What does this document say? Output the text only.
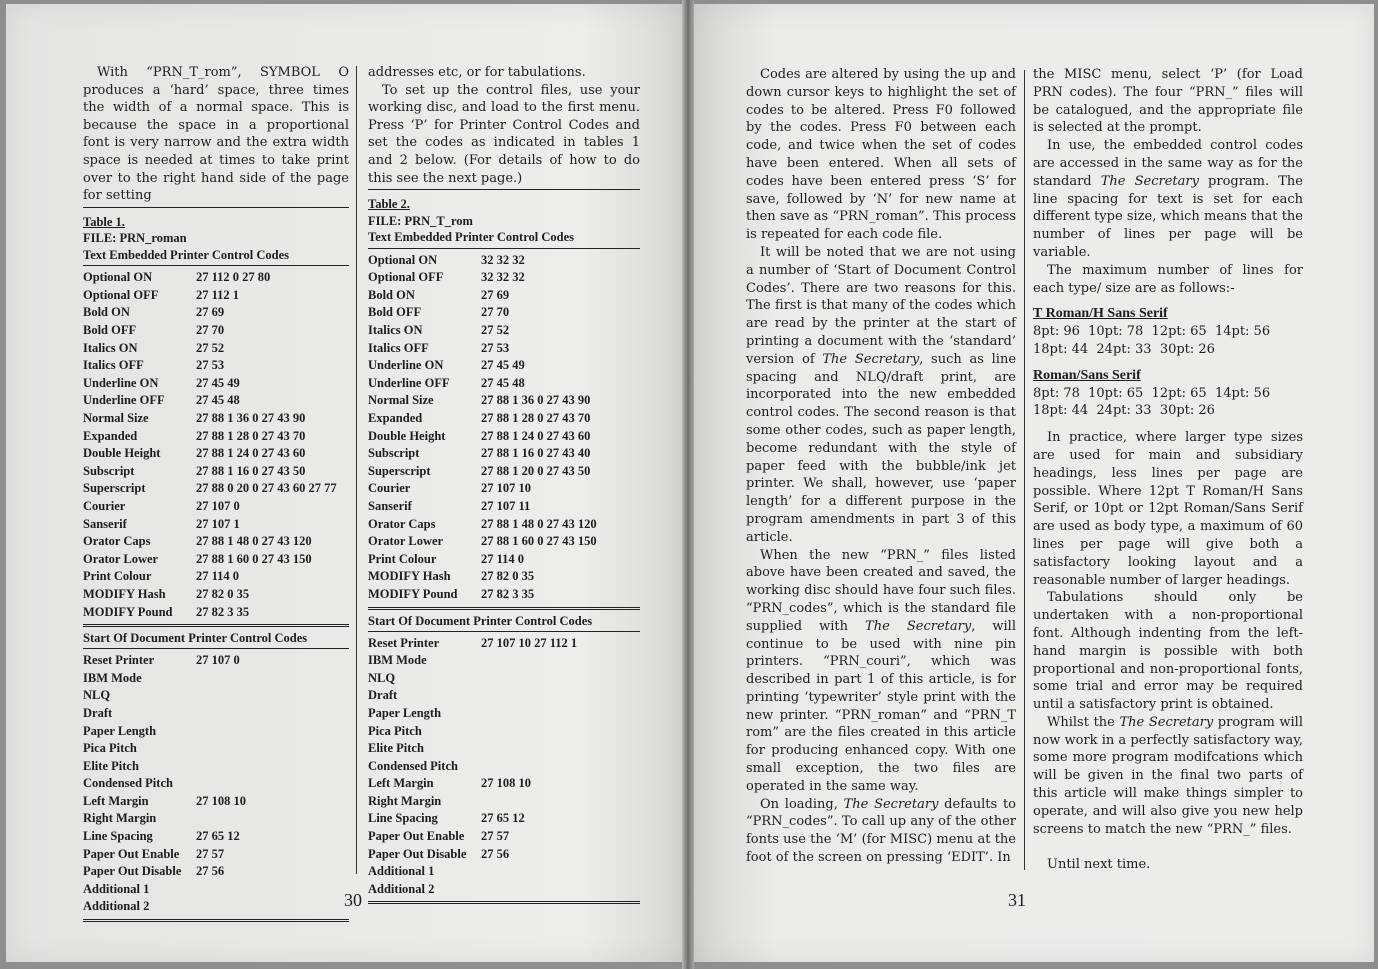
With “PRN_T_rom”, SYMBOL O produces a ‘hard’ space, three times the width of a normal space. This is because the space in a proportional font is very narrow and the extra width space is needed at times to take print over to the right hand side of the page for setting

Table 1.
FILE: PRN_roman
Text Embedded Printer Control Codes
Optional ON	27 112 0 27 80
Optional OFF	27 112 1
Bold ON	27 69
Bold OFF	27 70
Italics ON	27 52
Italics OFF	27 53
Underline ON	27 45 49
Underline OFF	27 45 48
Normal Size	27 88 1 36 0 27 43 90
Expanded	27 88 1 28 0 27 43 70
Double Height	27 88 1 24 0 27 43 60
Subscript	27 88 1 16 0 27 43 50
Superscript	27 88 0 20 0 27 43 60 27 77
Courier	27 107 0
Sanserif	27 107 1
Orator Caps	27 88 1 48 0 27 43 120
Orator Lower	27 88 1 60 0 27 43 150
Print Colour	27 114 0
MODIFY Hash	27 82 0 35
MODIFY Pound	27 82 3 35
Start Of Document Printer Control Codes
Reset Printer	27 107 0
IBM Mode	
NLQ	
Draft	
Paper Length	
Pica Pitch	
Elite Pitch	
Condensed Pitch	
Left Margin	27 108 10
Right Margin	
Line Spacing	27 65 12
Paper Out Enable	27 57
Paper Out Disable	27 56
Additional 1	
Additional 2	

addresses etc, or for tabulations.

To set up the control files, use your working disc, and load to the first menu. Press ‘P’ for Printer Control Codes and set the codes as indicated in tables 1 and 2 below. (For details of how to do this see the next page.)

Table 2.
FILE: PRN_T_rom
Text Embedded Printer Control Codes
Optional ON	32 32 32
Optional OFF	32 32 32
Bold ON	27 69
Bold OFF	27 70
Italics ON	27 52
Italics OFF	27 53
Underline ON	27 45 49
Underline OFF	27 45 48
Normal Size	27 88 1 36 0 27 43 90
Expanded	27 88 1 28 0 27 43 70
Double Height	27 88 1 24 0 27 43 60
Subscript	27 88 1 16 0 27 43 40
Superscript	27 88 1 20 0 27 43 50
Courier	27 107 10
Sanserif	27 107 11
Orator Caps	27 88 1 48 0 27 43 120
Orator Lower	27 88 1 60 0 27 43 150
Print Colour	27 114 0
MODIFY Hash	27 82 0 35
MODIFY Pound	27 82 3 35
Start Of Document Printer Control Codes
Reset Printer	27 107 10 27 112 1
IBM Mode	
NLQ	
Draft	
Paper Length	
Pica Pitch	
Elite Pitch	
Condensed Pitch	
Left Margin	27 108 10
Right Margin	
Line Spacing	27 65 12
Paper Out Enable	27 57
Paper Out Disable	27 56
Additional 1	
Additional 2	
30

Codes are altered by using the up and down cursor keys to highlight the set of codes to be altered. Press F0 followed by the codes. Press F0 between each code, and twice when the set of codes have been entered. When all sets of codes have been entered press ‘S’ for save, followed by ‘N’ for new name at then save as “PRN_roman”. This process is repeated for each code file.

It will be noted that we are not using a number of ‘Start of Document Control Codes’. There are two reasons for this. The first is that many of the codes which are read by the printer at the start of printing a document with the ‘standard’ version of The Secretary, such as line spacing and NLQ/draft print, are incorporated into the new embedded control codes. The second reason is that some other codes, such as paper length, become redundant with the style of paper feed with the bubble/ink jet printer. We shall, however, use ‘paper length’ for a different purpose in the program amendments in part 3 of this article.

When the new “PRN_” files listed above have been created and saved, the working disc should have four such files. “PRN_codes”, which is the standard file supplied with The Secretary, will continue to be used with nine pin printers. “PRN_couri”, which was described in part 1 of this article, is for printing ‘typewriter’ style print with the new printer. “PRN_roman” and “PRN_T rom” are the files created in this article for producing enhanced copy. With one small exception, the two files are operated in the same way.

On loading, The Secretary defaults to “PRN_codes”. To call up any of the other fonts use the ‘M’ (for MISC) menu at the foot of the screen on pressing ‘EDIT’. In

the MISC menu, select ‘P’ (for Load PRN codes). The four “PRN_” files will be catalogued, and the appropriate file is selected at the prompt.

In use, the embedded control codes are accessed in the same way as for the standard The Secretary program. The line spacing for text is set for each different type size, which means that the number of lines per page will be variable.

The maximum number of lines for each type/ size are as follows:-

T Roman/H Sans Serif

8pt: 96  10pt: 78  12pt: 65  14pt: 56

18pt: 44  24pt: 33  30pt: 26

Roman/Sans Serif

8pt: 78  10pt: 65  12pt: 65  14pt: 56

18pt: 44  24pt: 33  30pt: 26

In practice, where larger type sizes are used for main and subsidiary headings, less lines per page are possible. Where 12pt T Roman/H Sans Serif, or 10pt or 12pt Roman/Sans Serif are used as body type, a maximum of 60 lines per page will give both a satisfactory looking layout and a reasonable number of larger headings.

Tabulations should only be undertaken with a non-proportional font. Although indenting from the left-hand margin is possible with both proportional and non-proportional fonts, some trial and error may be required until a satisfactory print is obtained.

Whilst the The Secretary program will now work in a perfectly satisfactory way, some more program modifcations which will be given in the final two parts of this article will make things simpler to operate, and will also give you new help screens to match the new “PRN_” files.

Until next time.

31
